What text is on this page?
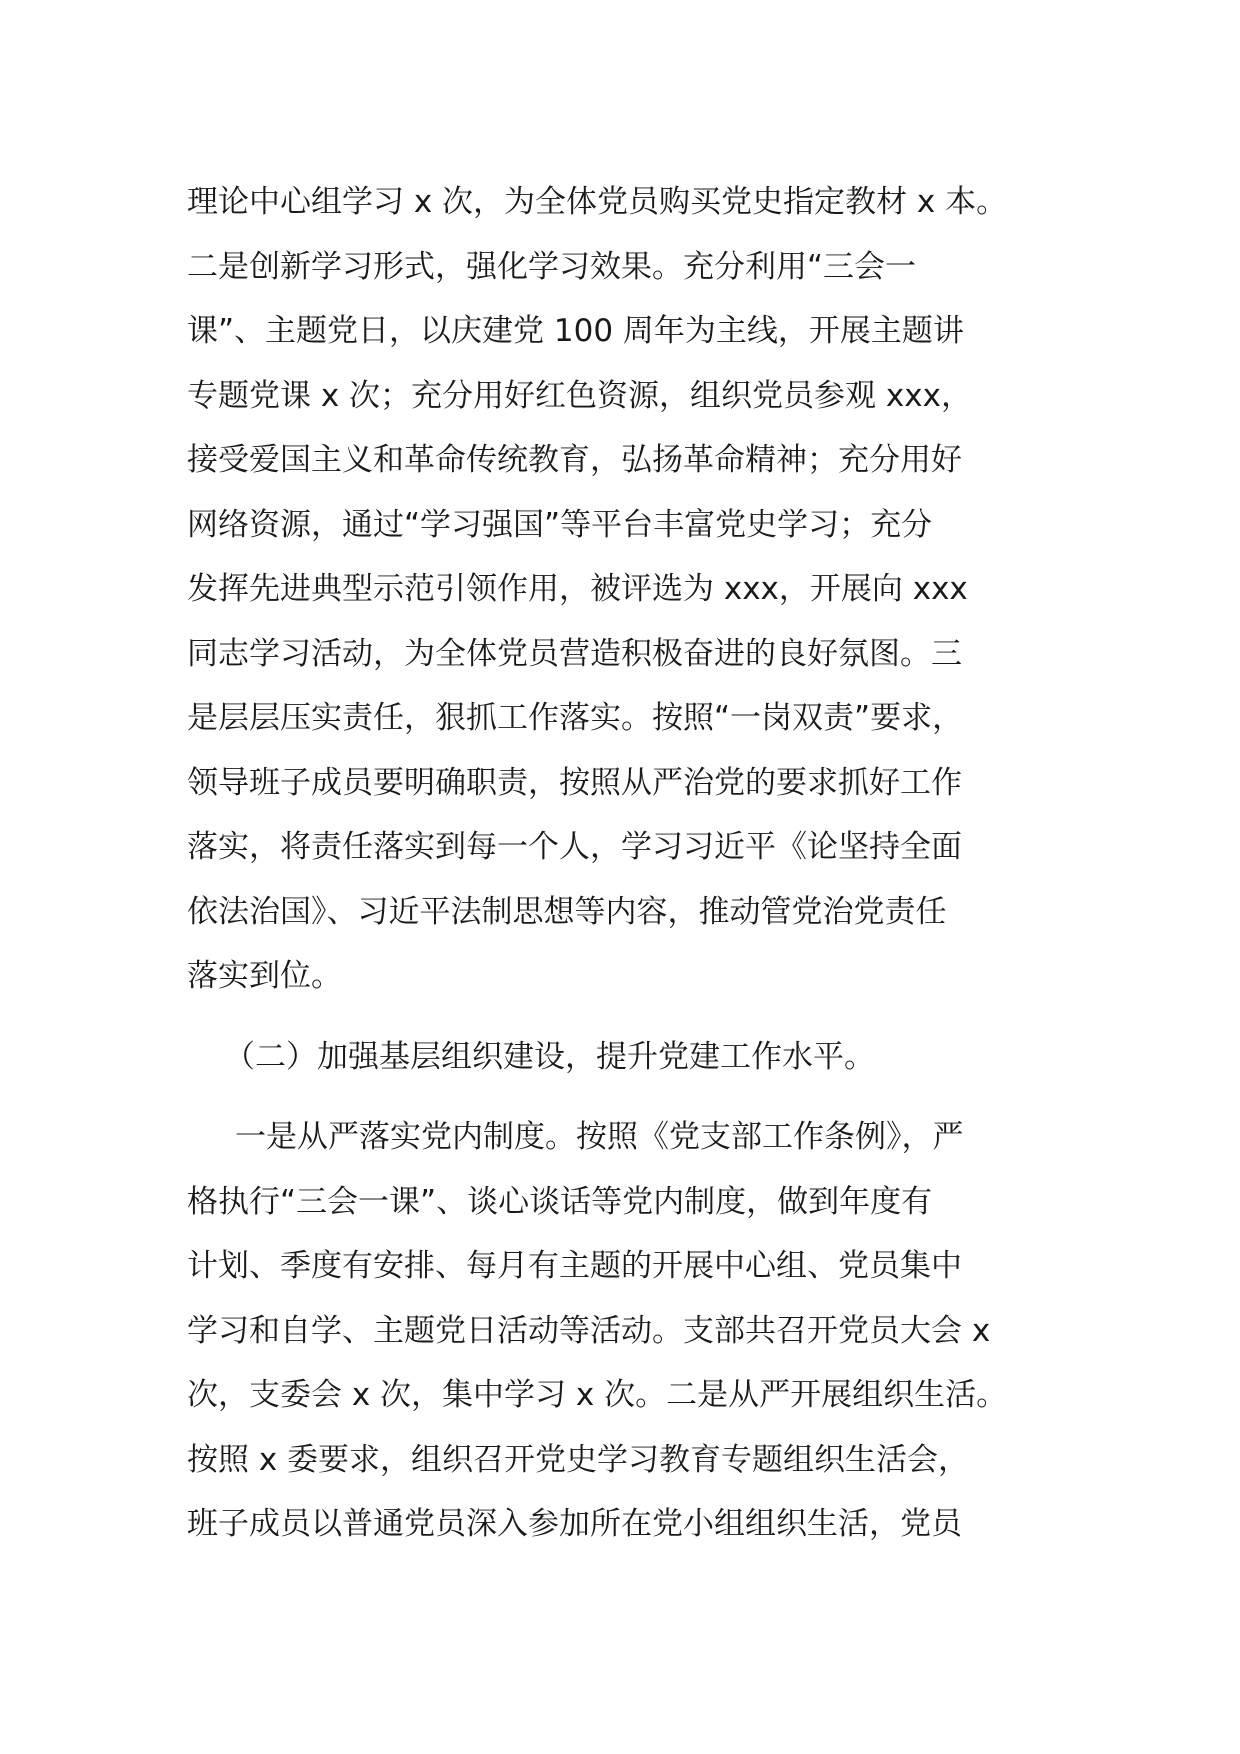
理论中心组学习 x 次，为全体党员购买党史指定教材 x 本。
二是创新学习形式，强化学习效果。充分利用“三会一
课”、主题党日，以庆建党 100 周年为主线，开展主题讲
专题党课 x 次；充分用好红色资源，组织党员参观 xxx，
接受爱国主义和革命传统教育，弘扬革命精神；充分用好
网络资源，通过“学习强国”等平台丰富党史学习；充分
发挥先进典型示范引领作用，被评选为 xxx，开展向 xxx
同志学习活动，为全体党员营造积极奋进的良好氛图。三
是层层压实责任，狠抓工作落实。按照“一岗双责”要求，
领导班子成员要明确职责，按照从严治党的要求抓好工作
落实，将责任落实到每一个人，学习习近平《论坚持全面
依法治国》、习近平法制思想等内容，推动管党治党责任
落实到位。
（二）加强基层组织建设，提升党建工作水平。
一是从严落实党内制度。按照《党支部工作条例》，严
格执行“三会一课”、谈心谈话等党内制度，做到年度有
计划、季度有安排、每月有主题的开展中心组、党员集中
学习和自学、主题党日活动等活动。支部共召开党员大会 x
次，支委会 x 次，集中学习 x 次。二是从严开展组织生活。
按照 x 委要求，组织召开党史学习教育专题组织生活会，
班子成员以普通党员深入参加所在党小组组织生活，党员
